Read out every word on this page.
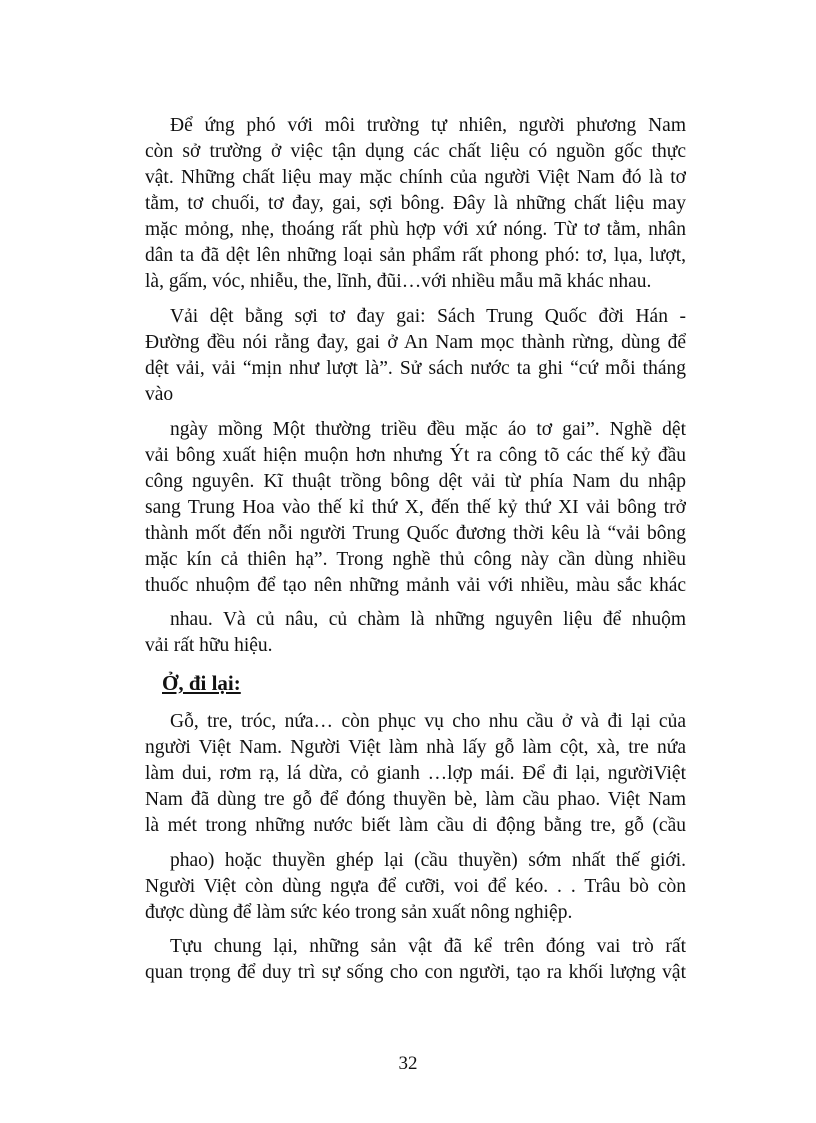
Để ứng phó với môi trường tự nhiên, người phương Nam
còn sở trường ở việc tận dụng các chất liệu có nguồn gốc thực
vật. Những chất liệu may mặc chính của người Việt Nam đó là tơ
tằm, tơ chuối, tơ đay, gai, sợi bông. Đây là những chất liệu may
mặc mỏng, nhẹ, thoáng rất phù hợp với xứ nóng. Từ tơ tằm, nhân
dân ta đã dệt lên những loại sản phẩm rất phong phó: tơ, lụa, lượt,
là, gấm, vóc, nhiễu, the, lĩnh, đũi…với nhiều mẫu mã khác nhau.
Vải dệt bằng sợi tơ đay gai: Sách Trung Quốc đời Hán -
Đường đều nói rằng đay, gai ở An Nam mọc thành rừng, dùng để
dệt vải, vải “mịn như lượt là”. Sử sách nước ta ghi “cứ mỗi tháng
vào
ngày mồng Một thường triều đều mặc áo tơ gai”. Nghề dệt
vải bông xuất hiện muộn hơn nhưng Ýt ra công tõ các thế kỷ đầu
công nguyên. Kĩ thuật trồng bông dệt vải từ phía Nam du nhập
sang Trung Hoa vào thế kỉ thứ X, đến thế kỷ thứ XI vải bông trở
thành mốt đến nỗi người Trung Quốc đương thời kêu là “vải bông
mặc kín cả thiên hạ”. Trong nghề thủ công này cần dùng nhiều
thuốc nhuộm để tạo nên những mảnh vải với nhiều, màu sắc khác
nhau. Và củ nâu, củ chàm là những nguyên liệu để nhuộm
vải rất hữu hiệu.
Ở, đi lại:
Gỗ, tre, tróc, nứa… còn phục vụ cho nhu cầu ở và đi lại của
người Việt Nam. Người Việt làm nhà lấy gỗ làm cột, xà, tre nứa
làm dui, rơm rạ, lá dừa, cỏ gianh …lợp mái. Để đi lại, ngườiViệt
Nam đã dùng tre gỗ để đóng thuyền bè, làm cầu phao. Việt Nam
là mét trong những nước biết làm cầu di động bằng tre, gỗ (cầu
phao) hoặc thuyền ghép lại (cầu thuyền) sớm nhất thế giới.
Người Việt còn dùng ngựa để cưỡi, voi để kéo. . . Trâu bò còn
được dùng để làm sức kéo trong sản xuất nông nghiệp.
Tựu chung lại, những sản vật đã kể trên đóng vai trò rất
quan trọng để duy trì sự sống cho con người, tạo ra khối lượng vật
32
